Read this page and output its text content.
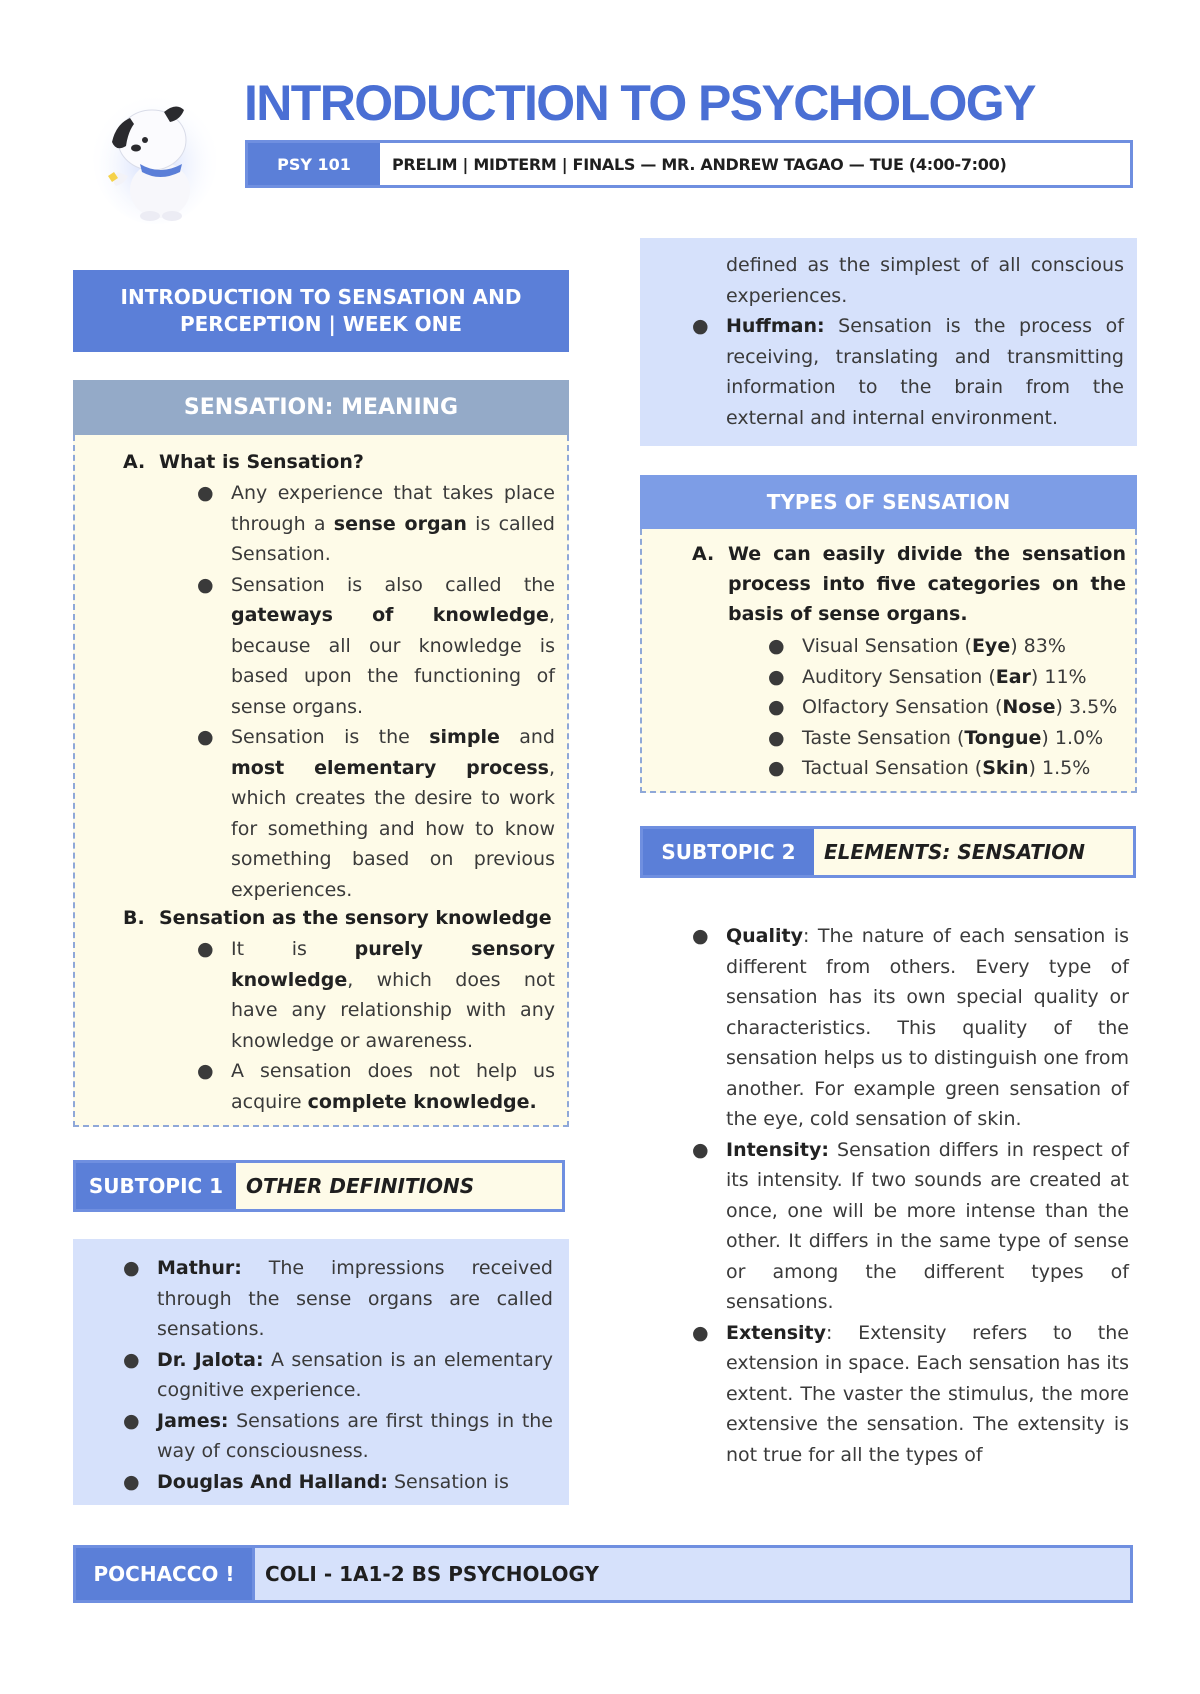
INTRODUCTION TO PSYCHOLOGY
PSY 101	PRELIM | MIDTERM | FINALS — MR. ANDREW TAGAO — TUE (4:00-7:00)
INTRODUCTION TO SENSATION AND
PERCEPTION | WEEK ONE
SENSATION: MEANING
A. What is Sensation?
● Any experience that takes place through a sense organ is called Sensation.
● Sensation is also called the gateways of knowledge, because all our knowledge is based upon the functioning of sense organs.
● Sensation is the simple and most elementary process, which creates the desire to work for something and how to know something based on previous experiences.
B. Sensation as the sensory knowledge
● It is purely sensory knowledge, which does not have any relationship with any knowledge or awareness.
● A sensation does not help us acquire complete knowledge.
SUBTOPIC 1	OTHER DEFINITIONS
● Mathur: The impressions received through the sense organs are called sensations.
● Dr. Jalota: A sensation is an elementary cognitive experience.
● James: Sensations are first things in the way of consciousness.
● Douglas And Halland: Sensation is
defined as the simplest of all conscious experiences.
● Huffman: Sensation is the process of receiving, translating and transmitting information to the brain from the external and internal environment.
TYPES OF SENSATION
A. We can easily divide the sensation process into five categories on the basis of sense organs.
● Visual Sensation (Eye) 83%
● Auditory Sensation (Ear) 11%
● Olfactory Sensation (Nose) 3.5%
● Taste Sensation (Tongue) 1.0%
● Tactual Sensation (Skin) 1.5%
SUBTOPIC 2	ELEMENTS: SENSATION
● Quality: The nature of each sensation is different from others. Every type of sensation has its own special quality or characteristics. This quality of the sensation helps us to distinguish one from another. For example green sensation of the eye, cold sensation of skin.
● Intensity: Sensation differs in respect of its intensity. If two sounds are created at once, one will be more intense than the other. It differs in the same type of sense or among the different types of sensations.
● Extensity: Extensity refers to the extension in space. Each sensation has its extent. The vaster the stimulus, the more extensive the sensation. The extensity is not true for all the types of
POCHACCO !	COLI - 1A1-2 BS PSYCHOLOGY
